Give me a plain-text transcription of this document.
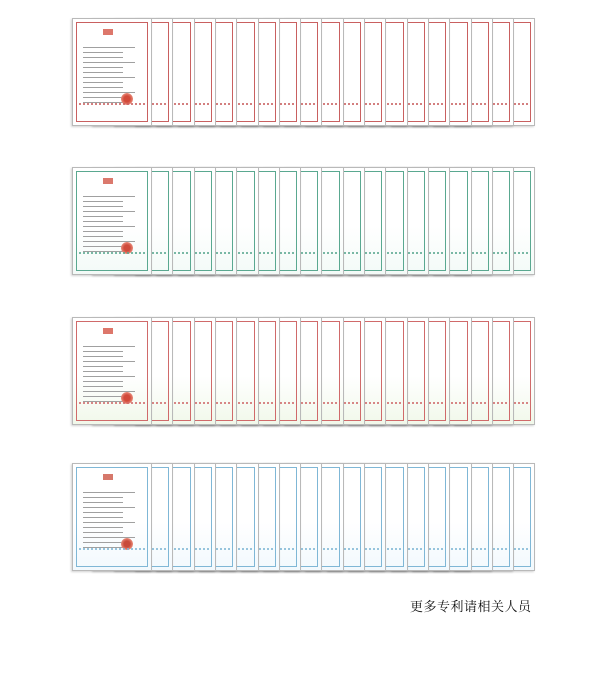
更多专利请相关人员
